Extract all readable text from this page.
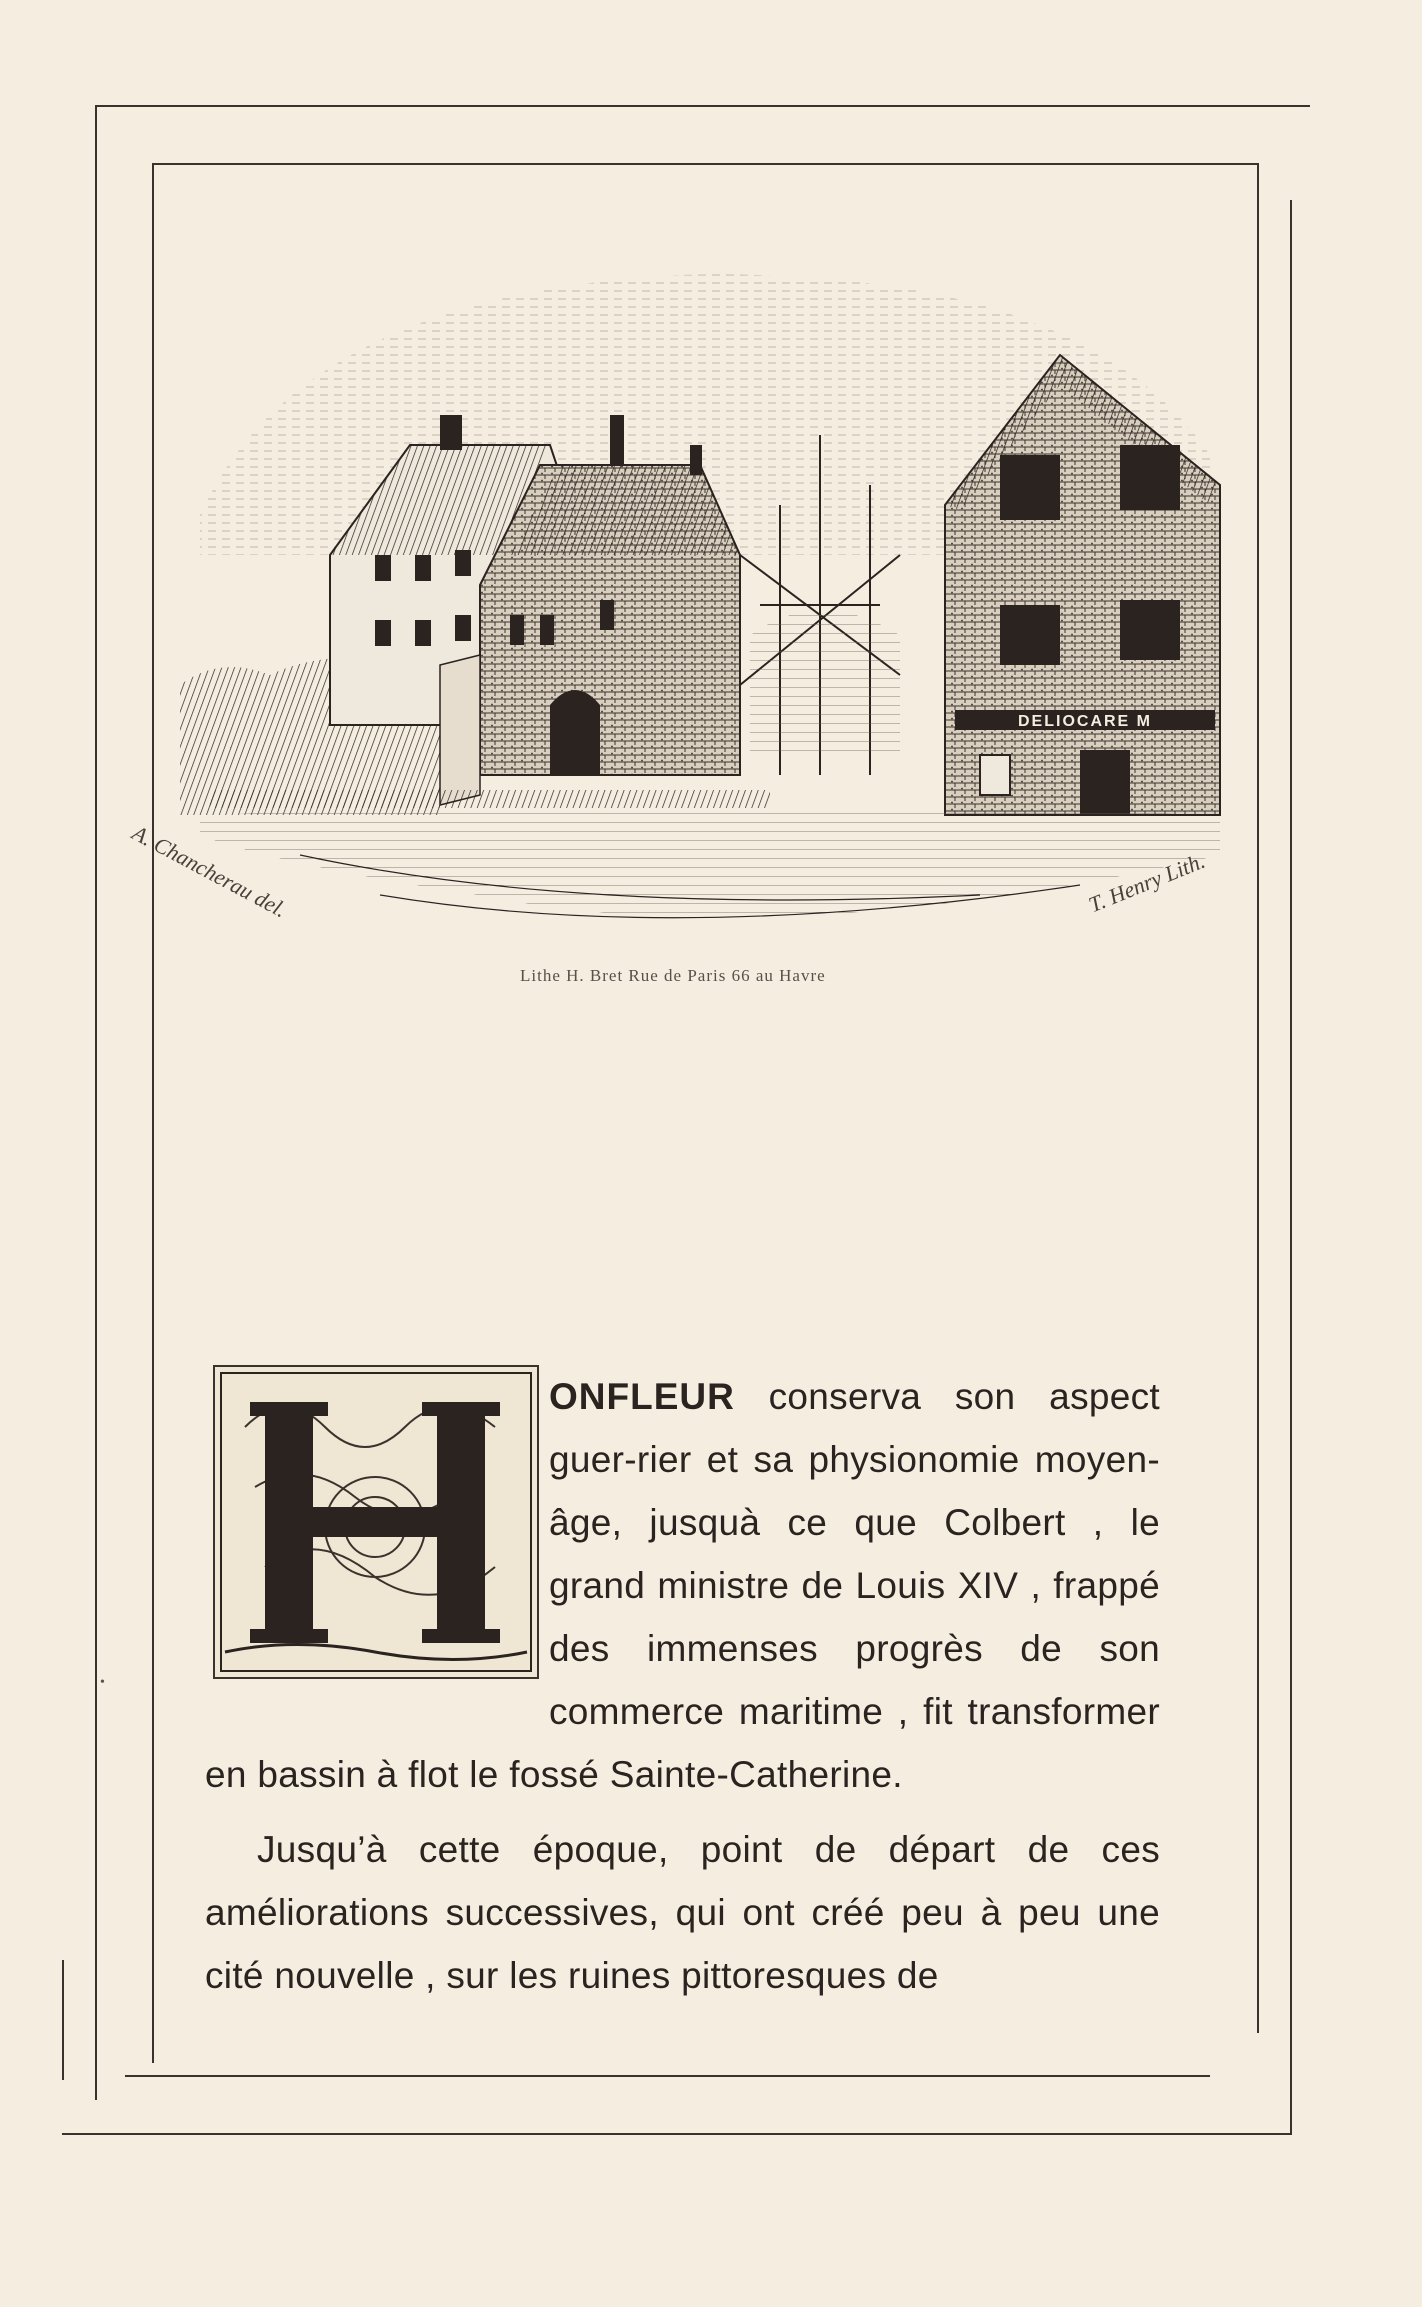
DELIOCARE M
A. Chancherau del.	T. Henry Lith.
Lithe H. Bret Rue de Paris 66 au Havre

ONFLEUR conserva son aspect guer-rier et sa physionomie moyen-âge, jusquà ce que Colbert , le grand ministre de Louis XIV , frappé des immenses progrès de son commerce maritime , fit transformer en bassin à flot le fossé Sainte-Catherine.

Jusqu’à cette époque, point de départ de ces améliorations successives, qui ont créé peu à peu une cité nouvelle , sur les ruines pittoresques de

•
